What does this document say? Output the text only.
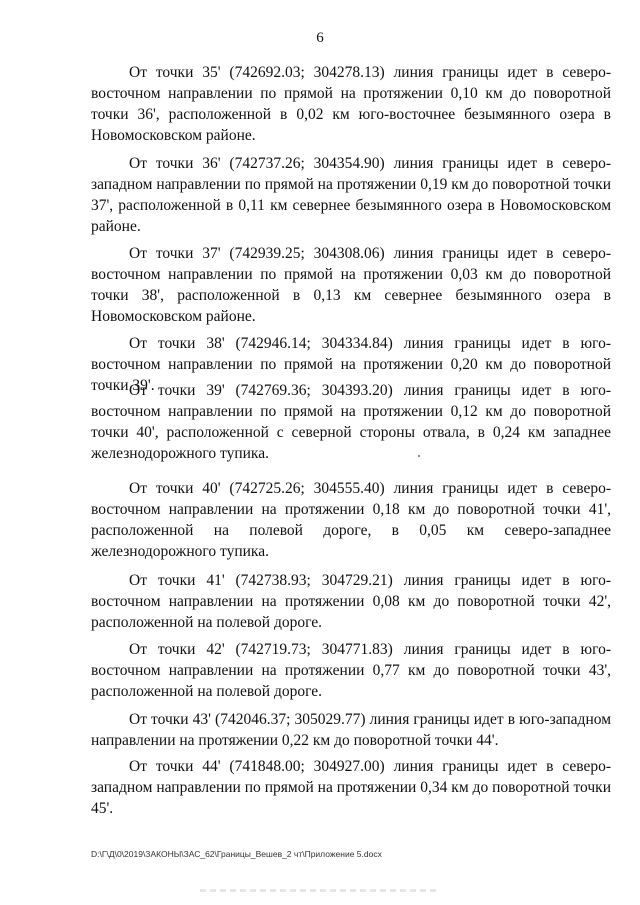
6

От точки 35' (742692.03; 304278.13) линия границы идет в северо-восточном направлении по прямой на протяжении 0,10 км до поворотной точки 36', расположенной в 0,02 км юго-восточнее безымянного озера в Новомосковском районе.

От точки 36' (742737.26; 304354.90) линия границы идет в северо-западном направлении по прямой на протяжении 0,19 км до поворотной точки 37', расположенной в 0,11 км севернее безымянного озера в Новомосковском районе.

От точки 37' (742939.25; 304308.06) линия границы идет в северо-восточном направлении по прямой на протяжении 0,03 км до поворотной точки 38', расположенной в 0,13 км севернее безымянного озера в Новомосковском районе.

От точки 38' (742946.14; 304334.84) линия границы идет в юго-восточном направлении по прямой на протяжении 0,20 км до поворотной точки 39'.

От точки 39' (742769.36; 304393.20) линия границы идет в юго-восточном направлении по прямой на протяжении 0,12 км до поворотной точки 40', расположенной с северной стороны отвала, в 0,24 км западнее железнодорожного тупика.

От точки 40' (742725.26; 304555.40) линия границы идет в северо-восточном направлении на протяжении 0,18 км до поворотной точки 41', расположенной на полевой дороге, в 0,05 км северо-западнее железнодорожного тупика.

От точки 41' (742738.93; 304729.21) линия границы идет в юго-восточном направлении на протяжении 0,08 км до поворотной точки 42', расположенной на полевой дороге.

От точки 42' (742719.73; 304771.83) линия границы идет в юго-восточном направлении на протяжении 0,77 км до поворотной точки 43', расположенной на полевой дороге.

От точки 43' (742046.37; 305029.77) линия границы идет в юго-западном направлении на протяжении 0,22 км до поворотной точки 44'.

От точки 44' (741848.00; 304927.00) линия границы идет в северо-западном направлении по прямой на протяжении 0,34 км до поворотной точки 45'.

D:\Г\Д\0\2019\ЗАКОНЫ\ЗАС_62\Границы_Вешев_2 чт\Приложение 5.docx
